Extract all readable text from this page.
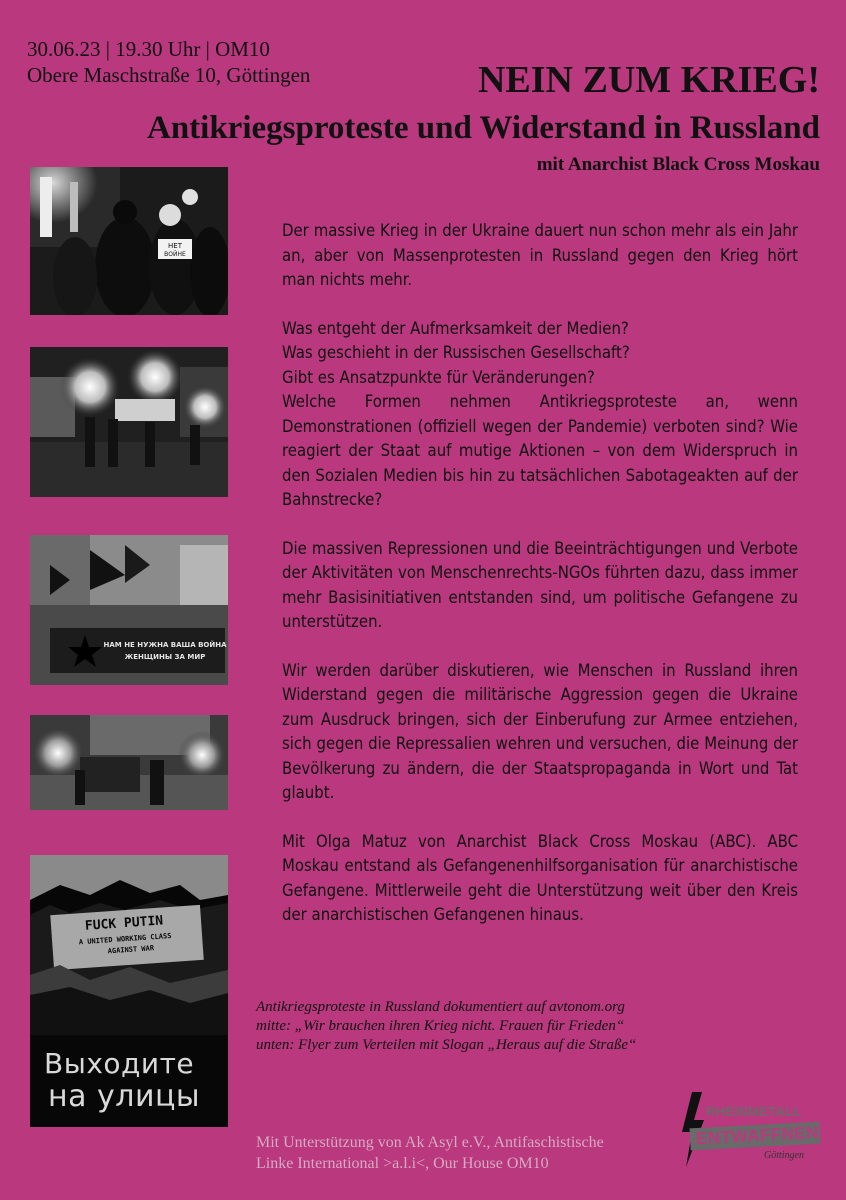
30.06.23 | 19.30 Uhr | OM10
Obere Maschstraße 10, Göttingen	NEIN ZUM KRIEG!
Antikriegsproteste und Widerstand in Russland
mit Anarchist Black Cross Moskau
НЕТ
ВОЙНЕ
НАМ НЕ НУЖНА ВАША ВОЙНА
ЖЕНЩИНЫ ЗА МИР
FUCK PUTIN
A UNITED WORKING CLASS
AGAINST WAR
Выходите
на улицы

Der massive Krieg in der Ukraine dauert nun schon mehr als ein Jahr an, aber von Massenprotesten in Russland gegen den Krieg hört man nichts mehr.

Was entgeht der Aufmerksamkeit der Medien?
Was geschieht in der Russischen Gesellschaft?
Gibt es Ansatzpunkte für Veränderungen?
Welche Formen nehmen Antikriegsproteste an, wenn Demonstrationen (offiziell wegen der Pandemie) verboten sind? Wie reagiert der Staat auf mutige Aktionen – von dem Widerspruch in den Sozialen Medien bis hin zu tatsächlichen Sabotageakten auf der Bahnstrecke?

Die massiven Repressionen und die Beeinträchtigungen und Verbote der Aktivitäten von Menschenrechts-NGOs führten dazu, dass immer mehr Basisinitiativen entstanden sind, um politische Gefangene zu unterstützen.

Wir werden darüber diskutieren, wie Menschen in Russland ihren Widerstand gegen die militärische Aggression gegen die Ukraine zum Ausdruck bringen, sich der Einberufung zur Armee entziehen, sich gegen die Repressalien wehren und versuchen, die Meinung der Bevölkerung zu ändern, die der Staatspropaganda in Wort und Tat glaubt.

Mit Olga Matuz von Anarchist Black Cross Moskau (ABC). ABC Moskau entstand als Gefangenenhilfsorganisation für anarchistische Gefangene. Mittlerweile geht die Unterstützung weit über den Kreis der anarchistischen Gefangenen hinaus.

Antikriegsproteste in Russland dokumentiert auf avtonom.org
mitte: „Wir brauchen ihren Krieg nicht. Frauen für Frieden“
unten: Flyer zum Verteilen mit Slogan „Heraus auf die Straße“
Mit Unterstützung von Ak Asyl e.V., Antifaschistische
Linke International >a.l.i<, Our House OM10
RHEINMETALL
ENTWAFFNEN
Göttingen
